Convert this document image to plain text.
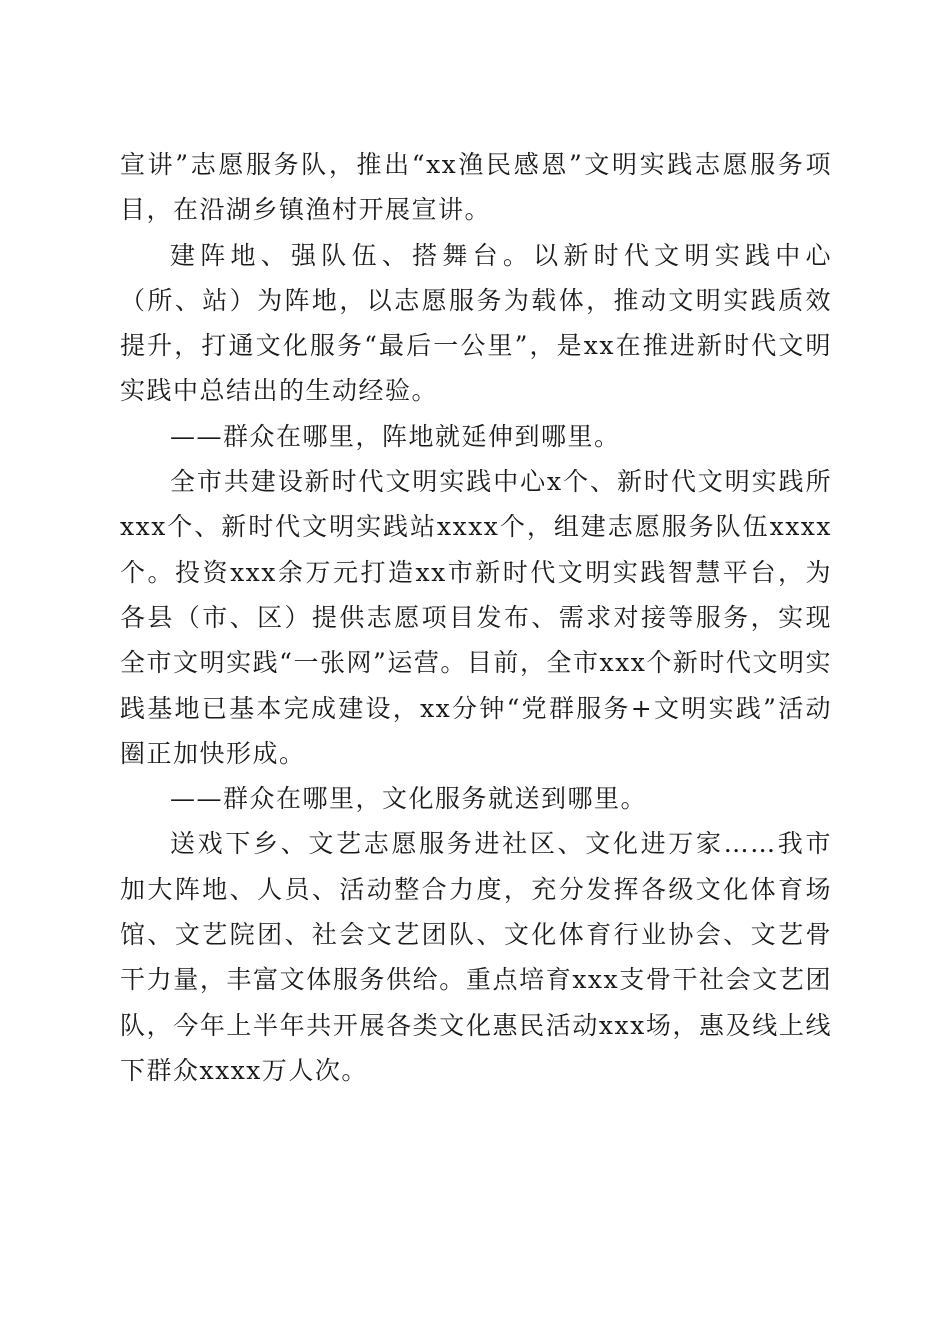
宣讲”志愿服务队，推出“xx渔民感恩”文明实践志愿服务项目，在沿湖乡镇渔村开展宣讲。

建阵地、强队伍、搭舞台。以新时代文明实践中心（所、站）为阵地，以志愿服务为载体，推动文明实践质效提升，打通文化服务“最后一公里”，是xx在推进新时代文明实践中总结出的生动经验。

——群众在哪里，阵地就延伸到哪里。

全市共建设新时代文明实践中心x个、新时代文明实践所xxx个、新时代文明实践站xxxx个，组建志愿服务队伍xxxx个。投资xxx余万元打造xx市新时代文明实践智慧平台，为各县（市、区）提供志愿项目发布、需求对接等服务，实现全市文明实践“一张网”运营。目前，全市xxx个新时代文明实践基地已基本完成建设，xx分钟“党群服务+文明实践”活动圈正加快形成。

——群众在哪里，文化服务就送到哪里。

送戏下乡、文艺志愿服务进社区、文化进万家……我市加大阵地、人员、活动整合力度，充分发挥各级文化体育场馆、文艺院团、社会文艺团队、文化体育行业协会、文艺骨干力量，丰富文体服务供给。重点培育xxx支骨干社会文艺团队，今年上半年共开展各类文化惠民活动xxx场，惠及线上线下群众xxxx万人次。
